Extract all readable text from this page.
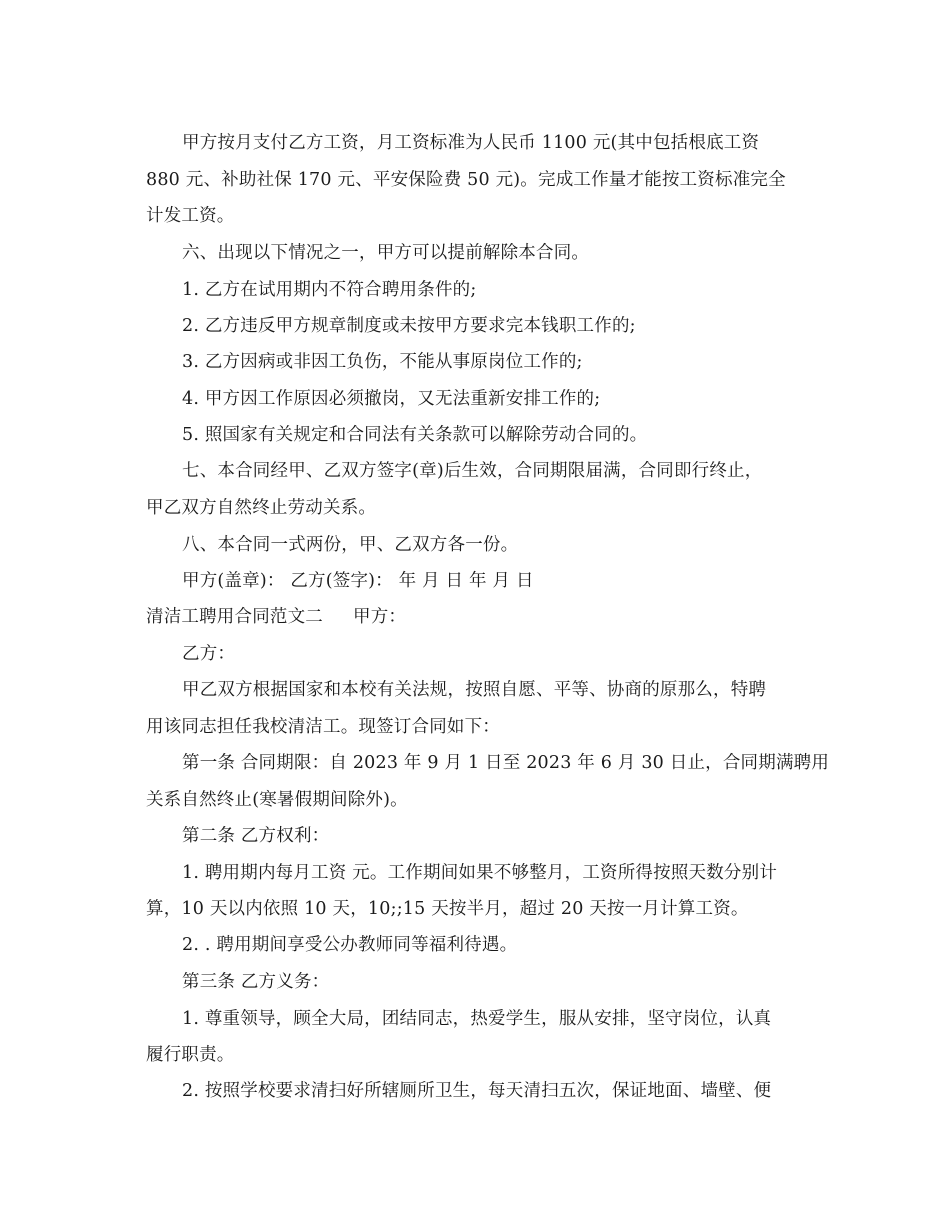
甲方按月支付乙方工资，月工资标准为人民币 1100 元(其中包括根底工资
880 元、补助社保 170 元、平安保险费 50 元)。完成工作量才能按工资标准完全
计发工资。
六、出现以下情况之一，甲方可以提前解除本合同。
1. 乙方在试用期内不符合聘用条件的;
2. 乙方违反甲方规章制度或未按甲方要求完本钱职工作的;
3. 乙方因病或非因工负伤，不能从事原岗位工作的;
4. 甲方因工作原因必须撤岗，又无法重新安排工作的;
5. 照国家有关规定和合同法有关条款可以解除劳动合同的。
七、本合同经甲、乙双方签字(章)后生效，合同期限届满，合同即行终止，
甲乙双方自然终止劳动关系。
八、本合同一式两份，甲、乙双方各一份。
甲方(盖章)： 乙方(签字)： 年 月 日 年 月 日
清洁工聘用合同范文二 甲方：
乙方：
甲乙双方根据国家和本校有关法规，按照自愿、平等、协商的原那么，特聘
用该同志担任我校清洁工。现签订合同如下：
第一条 合同期限：自 2023 年 9 月 1 日至 2023 年 6 月 30 日止，合同期满聘用
关系自然终止(寒暑假期间除外)。
第二条 乙方权利：
1. 聘用期内每月工资 元。工作期间如果不够整月，工资所得按照天数分别计
算，10 天以内依照 10 天，10;;15 天按半月，超过 20 天按一月计算工资。
2. . 聘用期间享受公办教师同等福利待遇。
第三条 乙方义务：
1. 尊重领导，顾全大局，团结同志，热爱学生，服从安排，坚守岗位，认真
履行职责。
2. 按照学校要求清扫好所辖厕所卫生，每天清扫五次，保证地面、墙壁、便
